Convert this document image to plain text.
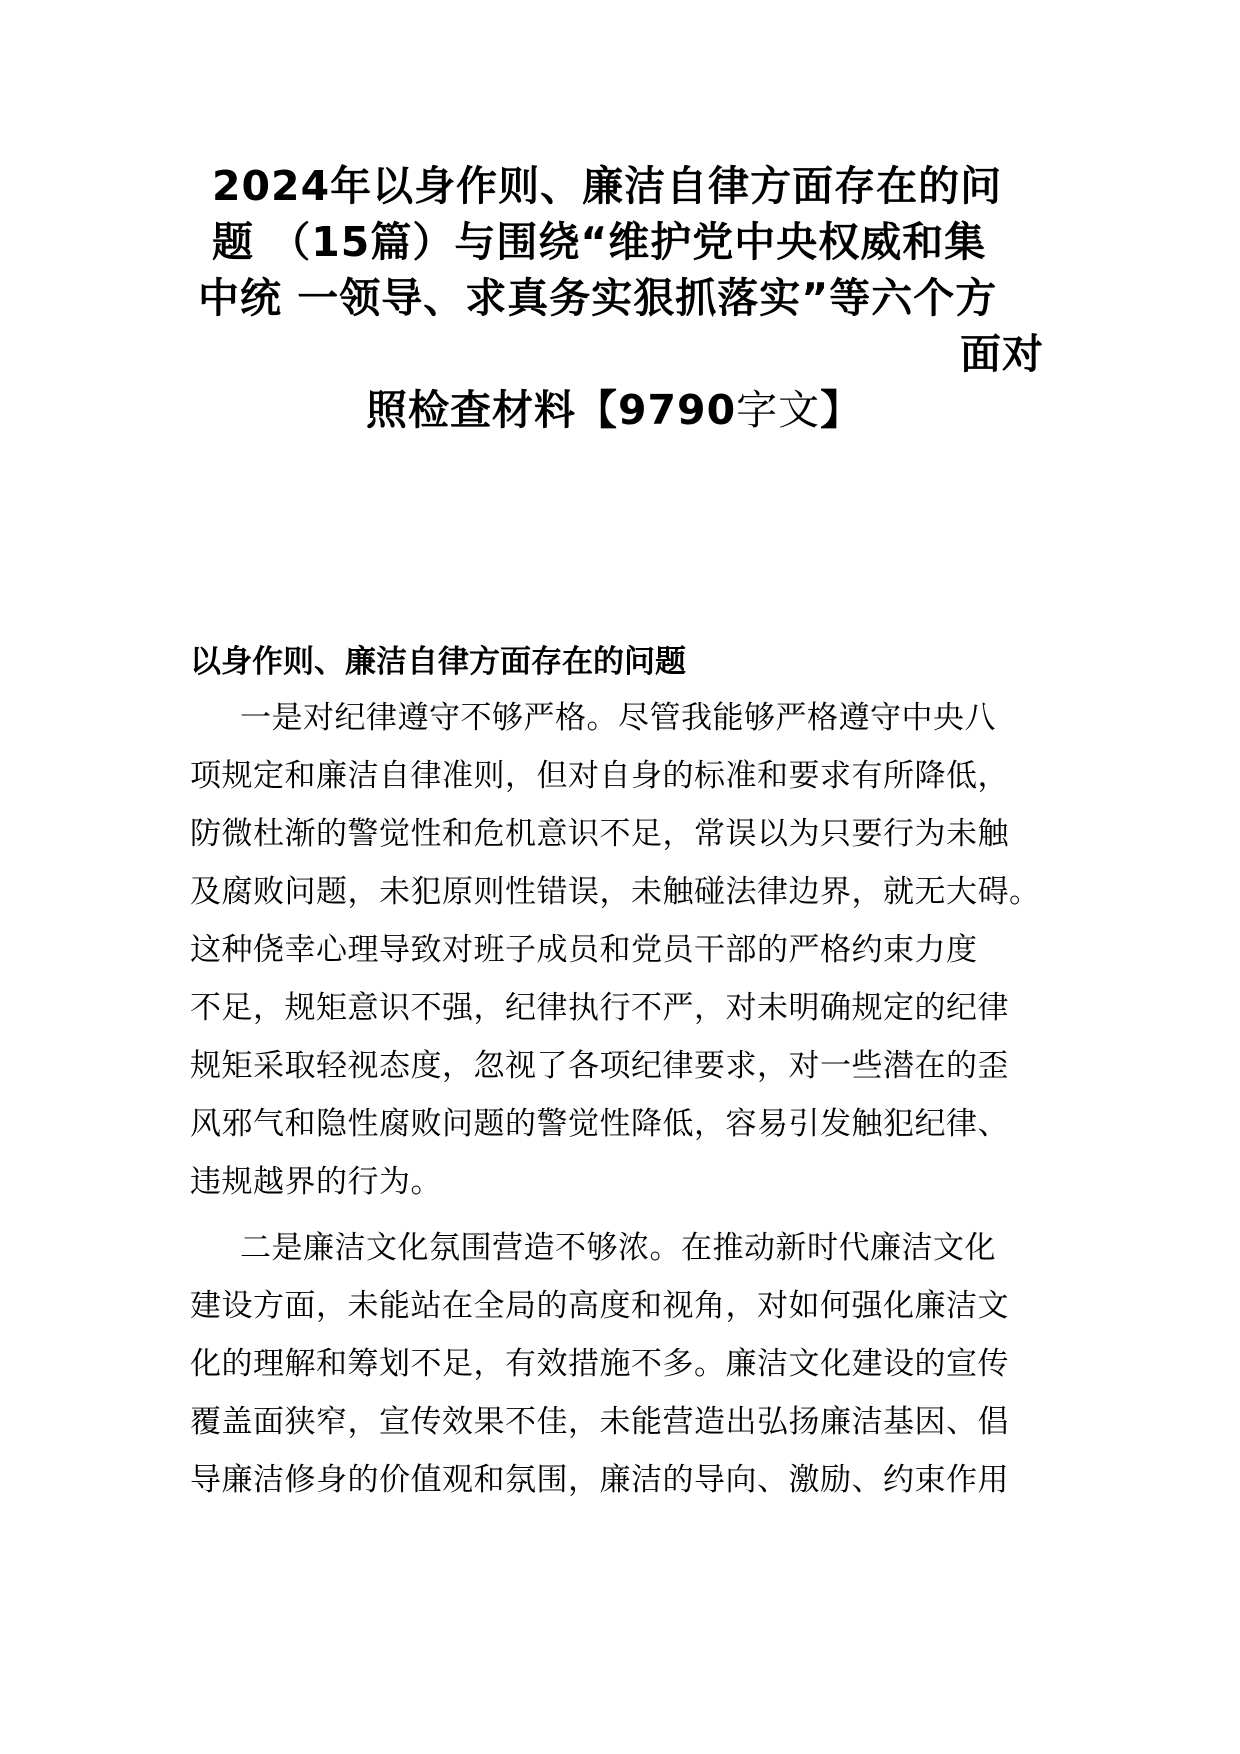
2024年以身作则、廉洁自律方面存在的问
题 （15篇）与围绕“维护党中央权威和集
中统 一领导、求真务实狠抓落实”等六个方
面对
照检查材料【9790字文】
以身作则、廉洁自律方面存在的问题
一是对纪律遵守不够严格。尽管我能够严格遵守中央八
项规定和廉洁自律准则，但对自身的标准和要求有所降低，
防微杜渐的警觉性和危机意识不足，常误以为只要行为未触
及腐败问题，未犯原则性错误，未触碰法律边界，就无大碍。
这种侥幸心理导致对班子成员和党员干部的严格约束力度
不足，规矩意识不强，纪律执行不严，对未明确规定的纪律
规矩采取轻视态度，忽视了各项纪律要求，对一些潜在的歪
风邪气和隐性腐败问题的警觉性降低，容易引发触犯纪律、
违规越界的行为。
二是廉洁文化氛围营造不够浓。在推动新时代廉洁文化
建设方面，未能站在全局的高度和视角，对如何强化廉洁文
化的理解和筹划不足，有效措施不多。廉洁文化建设的宣传
覆盖面狭窄，宣传效果不佳，未能营造出弘扬廉洁基因、倡
导廉洁修身的价值观和氛围，廉洁的导向、激励、约束作用
